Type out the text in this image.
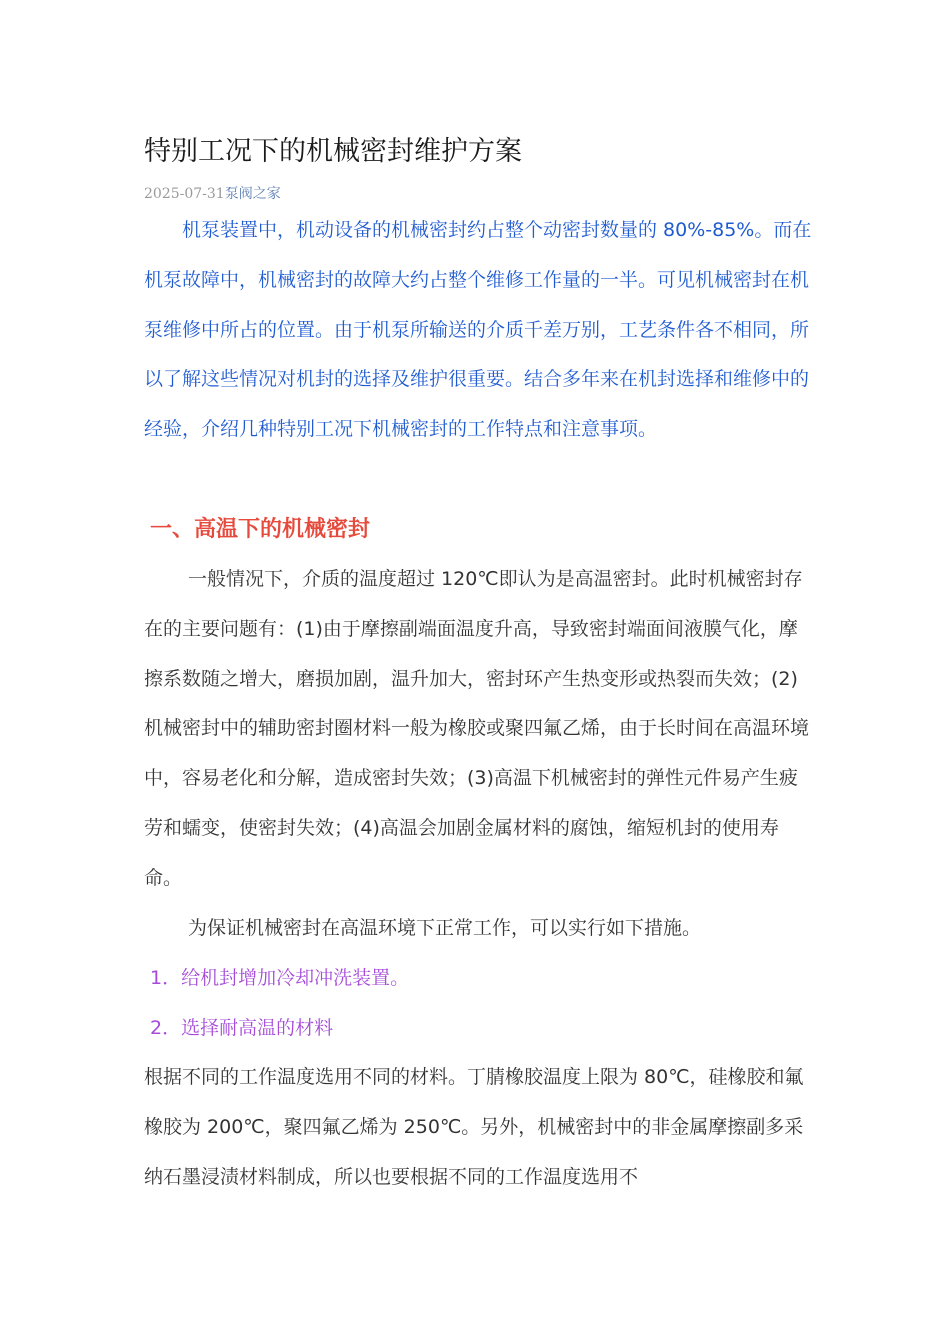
特别工况下的机械密封维护方案
2025-07-31泵阀之家

机泵装置中，机动设备的机械密封约占整个动密封数量的 80%-85%。而在机泵故障中，机械密封的故障大约占整个维修工作量的一半。可见机械密封在机泵维修中所占的位置。由于机泵所输送的介质千差万别，工艺条件各不相同，所以了解这些情况对机封的选择及维护很重要。结合多年来在机封选择和维修中的经验，介绍几种特别工况下机械密封的工作特点和注意事项。

一、高温下的机械密封

一般情况下，介质的温度超过 120℃即认为是高温密封。此时机械密封存在的主要问题有：(1)由于摩擦副端面温度升高，导致密封端面间液膜气化，摩擦系数随之增大，磨损加剧，温升加大，密封环产生热变形或热裂而失效；(2)机械密封中的辅助密封圈材料一般为橡胶或聚四氟乙烯，由于长时间在高温环境中，容易老化和分解，造成密封失效；(3)高温下机械密封的弹性元件易产生疲劳和蠕变，使密封失效；(4)高温会加剧金属材料的腐蚀，缩短机封的使用寿命。

为保证机械密封在高温环境下正常工作，可以实行如下措施。

1．给机封增加冷却冲洗装置。
2．选择耐高温的材料

根据不同的工作温度选用不同的材料。丁腈橡胶温度上限为 80℃，硅橡胶和氟橡胶为 200℃，聚四氟乙烯为 250℃。另外，机械密封中的非金属摩擦副多采纳石墨浸渍材料制成，所以也要根据不同的工作温度选用不
